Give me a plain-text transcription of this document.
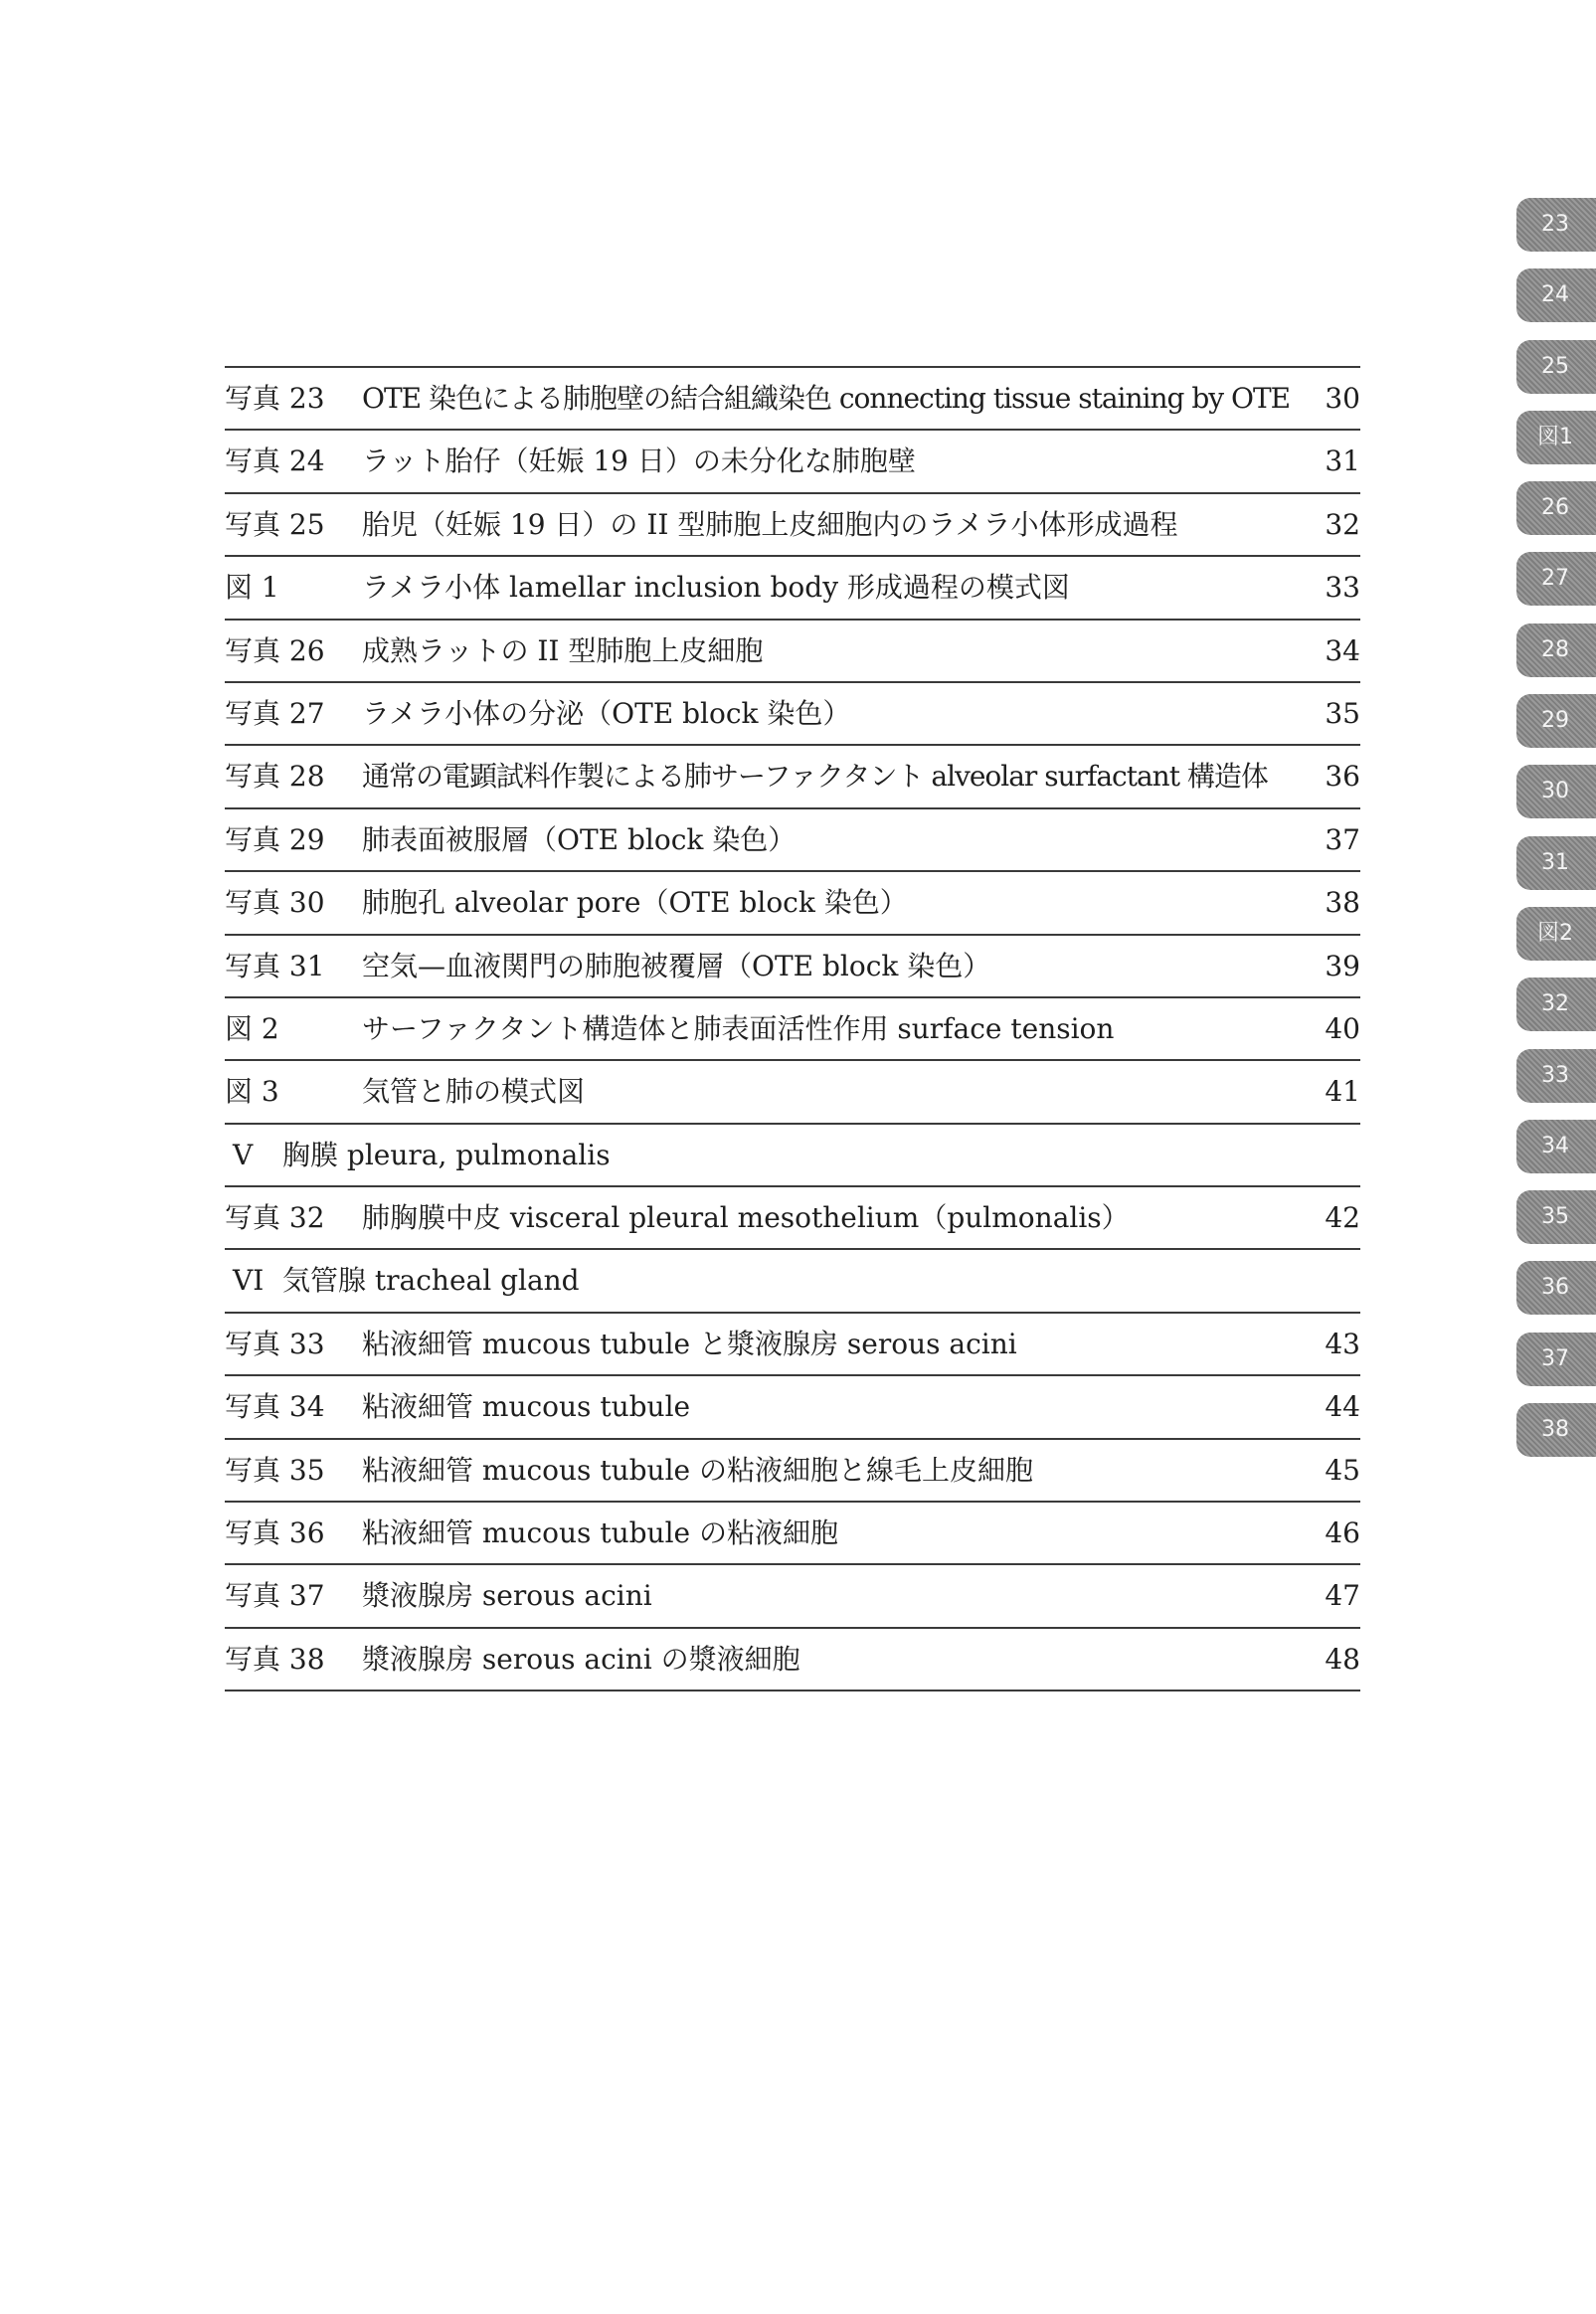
写真 23 OTE 染色による肺胞壁の結合組織染色 connecting tissue staining by OTE 30
写真 24 ラット胎仔（妊娠 19 日）の未分化な肺胞壁	31
写真 25 胎児（妊娠 19 日）の II 型肺胞上皮細胞内のラメラ小体形成過程	32
図 1	ラメラ小体 lamellar inclusion body 形成過程の模式図	33
写真 26 成熟ラットの II 型肺胞上皮細胞	34
写真 27 ラメラ小体の分泌（OTE block 染色）	35
写真 28 通常の電顕試料作製による肺サーファクタント alveolar surfactant 構造体 36
写真 29 肺表面被服層（OTE block 染色）	37
写真 30 肺胞孔 alveolar pore（OTE block 染色）	38
写真 31 空気—血液関門の肺胞被覆層（OTE block 染色）	39
図 2	サーファクタント構造体と肺表面活性作用 surface tension	40
図 3	気管と肺の模式図	41
V 胸膜 pleura, pulmonalis
写真 32 肺胸膜中皮 visceral pleural mesothelium（pulmonalis）	42
VI 気管腺 tracheal gland
写真 33 粘液細管 mucous tubule と漿液腺房 serous acini	43
写真 34 粘液細管 mucous tubule	44
写真 35 粘液細管 mucous tubule の粘液細胞と線毛上皮細胞	45
写真 36 粘液細管 mucous tubule の粘液細胞	46
写真 37 漿液腺房 serous acini	47
写真 38 漿液腺房 serous acini の漿液細胞	48
23
24
25
図1
26
27
28
29
30
31
図2
32
33
34
35
36
37
38
